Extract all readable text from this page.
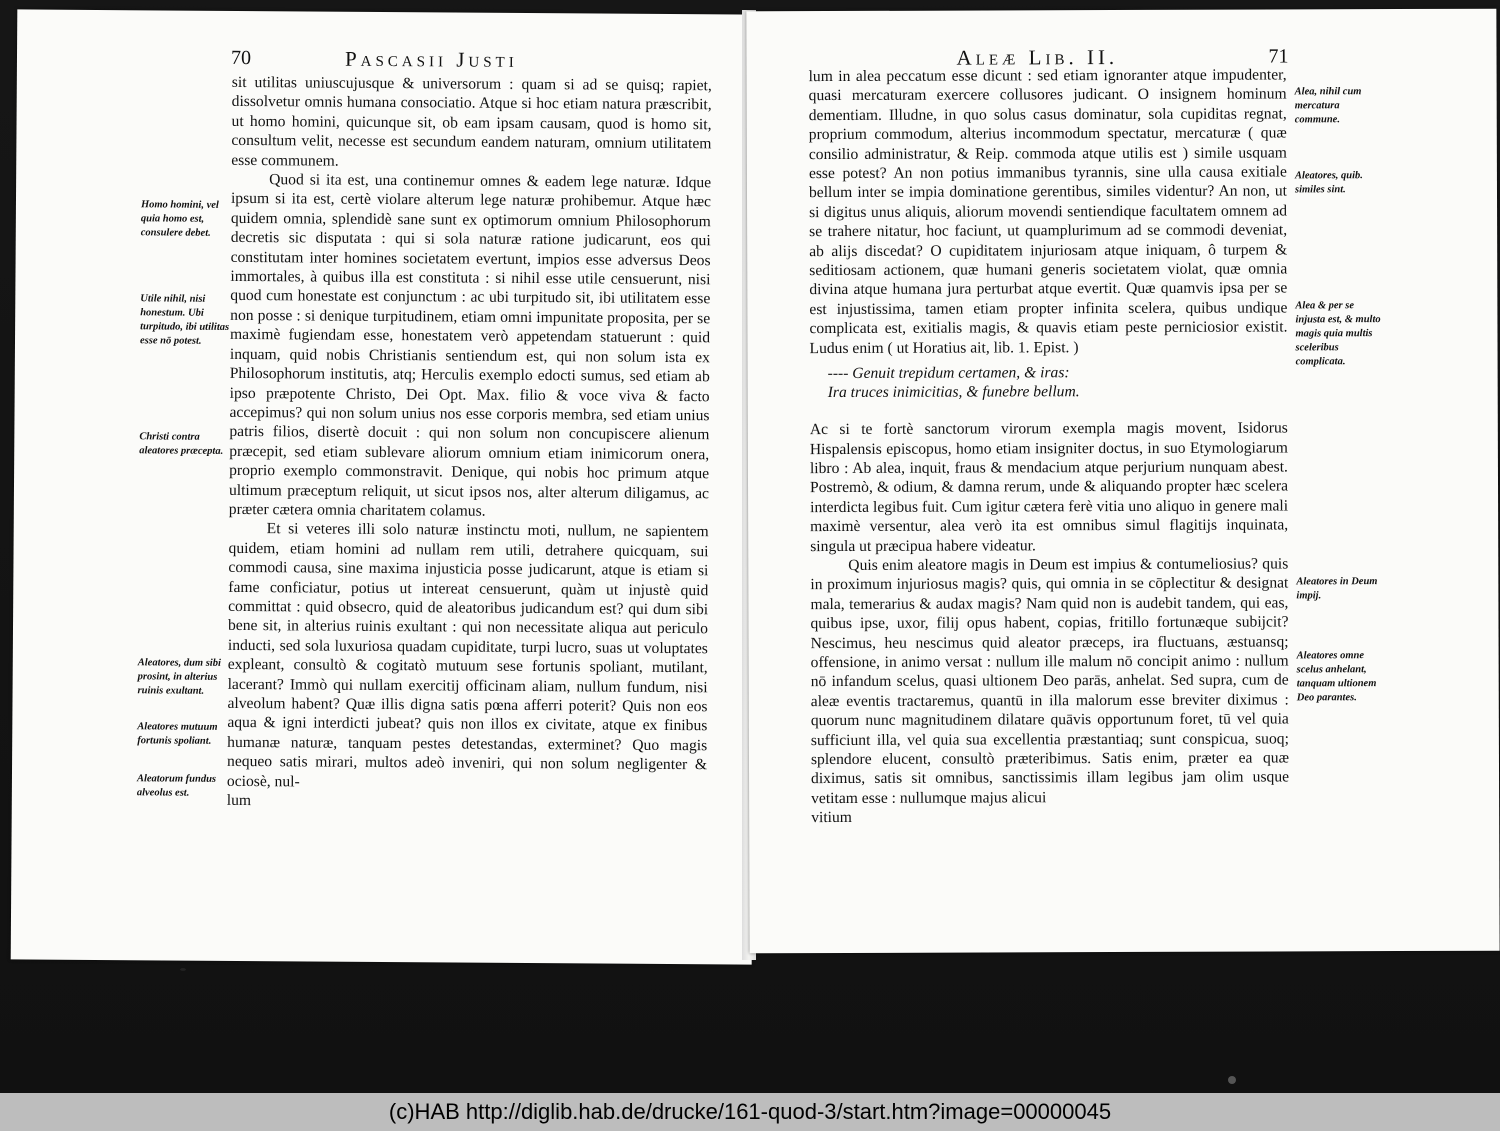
70	Pascasii Justi

sit utilitas uniuscujusque & universorum : quam si ad se quisq; rapiet, dissolvetur omnis humana consociatio. Atque si hoc etiam natura præscribit, ut homo homini, quicunque sit, ob eam ipsam causam, quod is homo sit, consultum velit, necesse est secundum eandem naturam, omnium utilitatem esse communem.

Quod si ita est, una continemur omnes & eadem lege naturæ. Idque ipsum si ita est, certè violare alterum lege naturæ prohibemur. Atque hæc quidem omnia, splendidè sane sunt ex optimorum omnium Philosophorum decretis sic disputata : qui si sola naturæ ratione judicarunt, eos qui constitutam inter homines societatem evertunt, impios esse adversus Deos immortales, à quibus illa est constituta : si nihil esse utile censuerunt, nisi quod cum honestate est conjunctum : ac ubi turpitudo sit, ibi utilitatem esse non posse : si denique turpitudinem, etiam omni impunitate proposita, per se maximè fugiendam esse, honestatem verò appetendam statuerunt : quid inquam, quid nobis Christianis sentiendum est, qui non solum ista ex Philosophorum institutis, atq; Herculis exemplo edocti sumus, sed etiam ab ipso præpotente Christo, Dei Opt. Max. filio & voce viva & facto accepimus? qui non solum unius nos esse corporis membra, sed etiam unius patris filios, disertè docuit : qui non solum non concupiscere alienum præcepit, sed etiam sublevare aliorum omnium etiam inimicorum onera, proprio exemplo commonstravit. Denique, qui nobis hoc primum atque ultimum præceptum reliquit, ut sicut ipsos nos, alter alterum diligamus, ac præter cætera omnia charitatem colamus.

Et si veteres illi solo naturæ instinctu moti, nullum, ne sapientem quidem, etiam homini ad nullam rem utili, detrahere quicquam, sui commodi causa, sine maxima injusticia posse judicarunt, atque is etiam si fame conficiatur, potius ut intereat censuerunt, quàm ut injustè quid committat : quid obsecro, quid de aleatoribus judicandum est? qui dum sibi bene sit, in alterius ruinis exultant : qui non necessitate aliqua aut periculo inducti, sed sola luxuriosa quadam cupiditate, turpi lucro, suas ut voluptates expleant, consultò & cogitatò mutuum sese fortunis spoliant, mutilant, lacerant? Immò qui nullam exercitij officinam aliam, nullum fundum, nisi alveolum habent? Quæ illis digna satis pœna afferri poterit? Quis non eos aqua & igni interdicti jubeat? quis non illos ex civitate, atque ex finibus humanæ naturæ, tanquam pestes detestandas, exterminet? Quo magis nequeo satis mirari, multos adeò inveniri, qui non solum negligenter & ociosè, nul-

lum
Homo homini, vel quia homo est, consulere debet.
Utile nihil, nisi honestum. Ubi turpitudo, ibi utilitas esse nō potest.
Christi contra aleatores præcepta.
Aleatores, dum sibi prosint, in alterius ruinis exultant.
Aleatores mutuum fortunis spoliant.
Aleatorum fundus alveolus est.
Aleæ Lib. II.	71

lum in alea peccatum esse dicunt : sed etiam ignoranter atque impudenter, quasi mercaturam exercere collusores judicant. O insignem hominum dementiam. Illudne, in quo solus casus dominatur, sola cupiditas regnat, proprium commodum, alterius incommodum spectatur, mercaturæ ( quæ consilio administratur, & Reip. commoda atque utilis est ) simile usquam esse potest? An non potius immanibus tyrannis, sine ulla causa exitiale bellum inter se impia dominatione gerentibus, similes videntur? An non, ut si digitus unus aliquis, aliorum movendi sentiendique facultatem omnem ad se trahere nitatur, hoc faciunt, ut quamplurimum ad se commodi deveniat, ab alijs discedat? O cupiditatem injuriosam atque iniquam, ô turpem & seditiosam actionem, quæ humani generis societatem violat, quæ omnia divina atque humana jura perturbat atque evertit. Quæ quamvis ipsa per se est injustissima, tamen etiam propter infinita scelera, quibus undique complicata est, exitialis magis, & quavis etiam peste perniciosior existit. Ludus enim ( ut Horatius ait, lib. 1. Epist. )

---- Genuit trepidum certamen, & iras:
Ira truces inimicitias, & funebre bellum.

Ac si te fortè sanctorum virorum exempla magis movent, Isidorus Hispalensis episcopus, homo etiam insigniter doctus, in suo Etymologiarum libro : Ab alea, inquit, fraus & mendacium atque perjurium nunquam abest. Postremò, & odium, & damna rerum, unde & aliquando propter hæc scelera interdicta legibus fuit. Cum igitur cætera ferè vitia uno aliquo in genere mali maximè versentur, alea verò ita est omnibus simul flagitijs inquinata, singula ut præcipua habere videatur.

Quis enim aleatore magis in Deum est impius & contumeliosius? quis in proximum injuriosus magis? quis, qui omnia in se cōplectitur & designat mala, temerarius & audax magis? Nam quid non is audebit tandem, qui eas, quibus ipse, uxor, filij opus habent, copias, fritillo fortunæque subijcit? Nescimus, heu nescimus quid aleator præceps, ira fluctuans, æstuansq; offensione, in animo versat : nullum ille malum nō concipit animo : nullum nō infandum scelus, quasi ultionem Deo parās, anhelat. Sed supra, cum de aleæ eventis tractaremus, quantū in illa malorum esse breviter diximus : quorum nunc magnitudinem dilatare quāvis opportunum foret, tū vel quia sufficiunt illa, vel quia sua excellentia præstantiaq; sunt conspicua, suoq; splendore elucent, consultò præteribimus. Satis enim, præter ea quæ diximus, satis sit omnibus, sanctissimis illam legibus jam olim usque vetitam esse : nullumque majus alicui

vitium
Alea, nihil cum mercatura commune.
Aleatores, quib. similes sint.
Alea & per se injusta est, & multo magis quia multis sceleribus complicata.
Aleatores in Deum impij.
Aleatores omne scelus anhelant, tanquam ultionem Deo parantes.
(c)HAB http://diglib.hab.de/drucke/161-quod-3/start.htm?image=00000045
